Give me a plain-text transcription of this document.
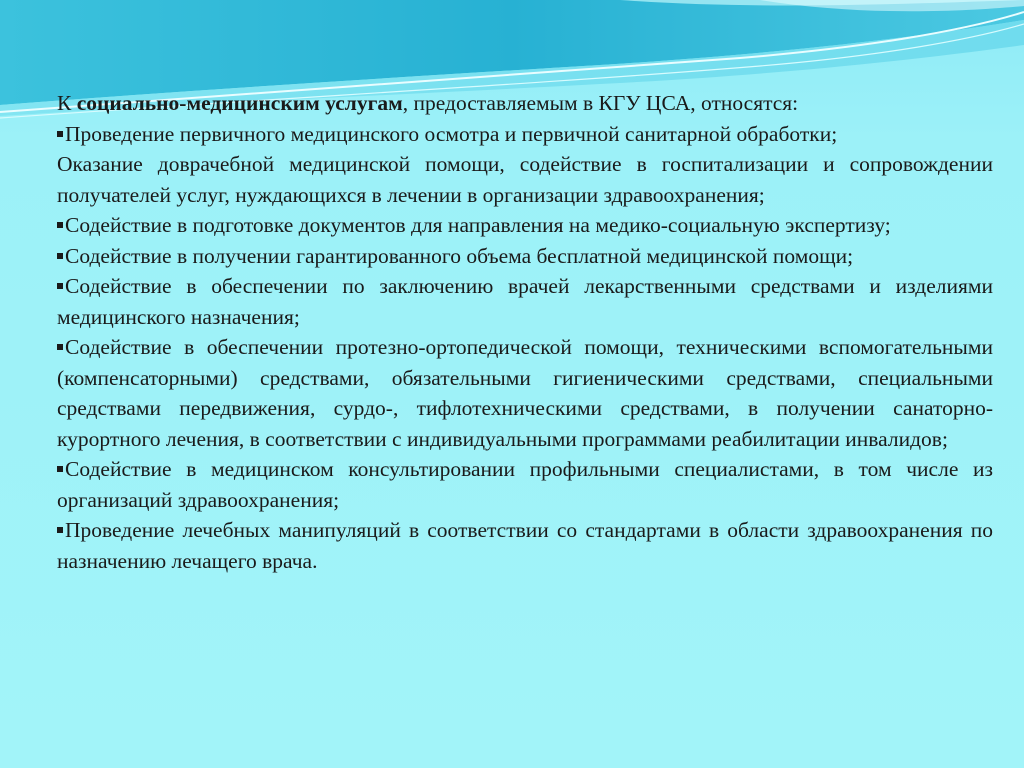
К социально-медицинским услугам, предоставляемым в КГУ ЦСА, относятся:

Проведение первичного медицинского осмотра и первичной санитарной обработки;

Оказание доврачебной медицинской помощи, содействие в госпитализации и сопровождении получателей услуг, нуждающихся в лечении в организации здравоохранения;

Содействие в подготовке документов для направления на медико-социальную экспертизу;

Содействие в получении гарантированного объема бесплатной медицинской помощи;

Содействие в обеспечении по заключению врачей лекарственными средствами и изделиями медицинского назначения;

Содействие в обеспечении протезно-ортопедической помощи, техническими вспомогательными (компенсаторными) средствами, обязательными гигиеническими средствами, специальными средствами передвижения, сурдо-, тифлотехническими средствами, в получении санаторно-курортного лечения, в соответствии с индивидуальными программами реабилитации инвалидов;

Содействие в медицинском консультировании профильными специалистами, в том числе из организаций здравоохранения;

Проведение лечебных манипуляций в соответствии со стандартами в области здравоохранения по назначению лечащего врача.
